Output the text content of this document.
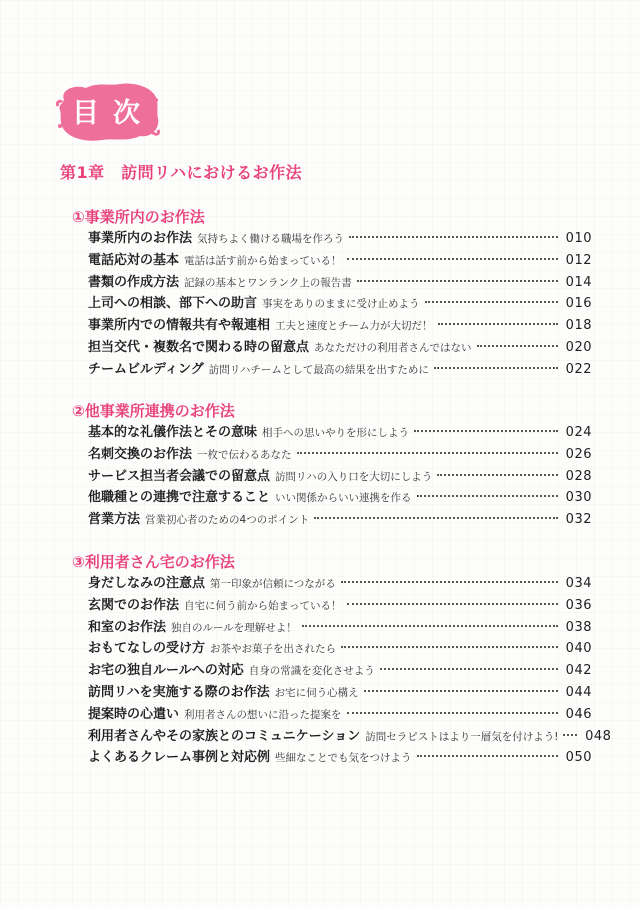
目次
第1章　訪問リハにおけるお作法
①事業所内のお作法
事業所内のお作法 気持ちよく働ける職場を作ろう	010
電話応対の基本 電話は話す前から始まっている！	012
書類の作成方法 記録の基本とワンランク上の報告書	014
上司への相談、部下への助言 事実をありのままに受け止めよう	016
事業所内での情報共有や報連相 工夫と速度とチーム力が大切だ！	018
担当交代・複数名で関わる時の留意点 あなただけの利用者さんではない	020
チームビルディング 訪問リハチームとして最高の結果を出すために	022
②他事業所連携のお作法
基本的な礼儀作法とその意味 相手への思いやりを形にしよう	024
名刺交換のお作法 一枚で伝わるあなた	026
サービス担当者会議での留意点 訪問リハの入り口を大切にしよう	028
他職種との連携で注意すること いい関係からいい連携を作る	030
営業方法 営業初心者のための4つのポイント	032
③利用者さん宅のお作法
身だしなみの注意点 第一印象が信頼につながる	034
玄関でのお作法 自宅に伺う前から始まっている！	036
和室のお作法 独自のルールを理解せよ！	038
おもてなしの受け方 お茶やお菓子を出されたら	040
お宅の独自ルールへの対応 自身の常識を変化させよう	042
訪問リハを実施する際のお作法 お宅に伺う心構え	044
提案時の心遣い 利用者さんの想いに沿った提案を	046
利用者さんやその家族とのコミュニケーション 訪問セラピストはより一層気を付けよう! 048
よくあるクレーム事例と対応例 些細なことでも気をつけよう	050
